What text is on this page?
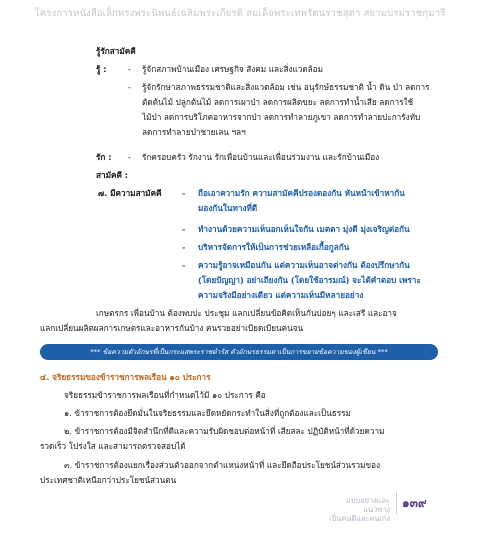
โครงการหนังสือเล็กทรงพระนิพนธ์เฉลิมพระเกียรติ สมเด็จพระเทพรัตนราชสุดา สยามบรมราชกุมารี
รู้รักสามัคคี
รู้ :	- รู้จักสภาพบ้านเมือง เศรษฐกิจ สังคม และสิ่งแวดล้อม
- รู้จักรักษาสภาพธรรมชาติและสิ่งแวดล้อม เช่น อนุรักษ์ธรรมชาติ น้ำ ดิน ป่า ลดการ
ตัดต้นไม้ ปลูกต้นไม้ ลดการเผาป่า ลดการผลิตขยะ ลดการทำน้ำเสีย ลดการใช้
ไม้ป่า ลดการบริโภคอาหารจากป่า ลดการทำลายภูเขา ลดการทำลายปะการังทับ
ลดการทำลายป่าชายเลน ฯลฯ
รัก : - รักครอบครัว รักงาน รักเพื่อนบ้านและเพื่อนร่วมงาน และรักบ้านเมือง
สามัคคี :
๗. มีความสามัคคี - ถือเอาความรัก ความสามัคคีปรองดองกัน หันหน้าเข้าหากัน
มองกันในทางที่ดี
- ทำงานด้วยความเห็นอกเห็นใจกัน เมตตา มุ่งดี มุ่งเจริญต่อกัน
- บริหารจัดการให้เป็นการช่วยเหลือเกื้อกูลกัน
- ความรู้อาจเหมือนกัน แต่ความเห็นอาจต่างกัน ต้องปรึกษากัน
(โดยปัญญา) อย่าเถียงกัน (โดยใช้อารมณ์) จะได้คำตอบ เพราะ
ความจริงมีอย่างเดียว แต่ความเห็นมีหลายอย่าง
เกษตรกร เพื่อนบ้าน ต้องพบปะ ประชุม แลกเปลี่ยนข้อคิดเห็นกันบ่อยๆ และเสรี และอาจ
แลกเปลี่ยนผลิตผลการเกษตรและอาหารกันบ้าง คนรวยอย่าเบียดเบียนคนจน
*** ข้อความตัวอักษรที่เป็นกระแสพระราชดำรัส ตัวอักษรธรรมดาเป็นการขยายข้อความของผู้เขียน ***
๔. จริยธรรมของข้าราชการพลเรือน ๑๐ ประการ
จริยธรรมข้าราชการพลเรือนที่กำหนดไว้มี ๑๐ ประการ คือ
๑. ข้าราชการต้องยึดมั่นในจริยธรรมและยึดหยัดกระทำในสิ่งที่ถูกต้องและเป็นธรรม
๒. ข้าราชการต้องมีจิตสำนึกที่ดีและความรับผิดชอบต่อหน้าที่ เสียสละ ปฏิบัติหน้าที่ด้วยความ
รวดเร็ว โปร่งใส และสามารถตรวจสอบได้
๓. ข้าราชการต้องแยกเรื่องส่วนตัวออกจากตำแหน่งหน้าที่ และยึดถือประโยชน์ส่วนรวมของ
ประเทศชาติเหนือกว่าประโยชน์ส่วนตน
แบบอย่างและแนวทาง
เป็นคนดีและคนเก่ง
๑๓๙
